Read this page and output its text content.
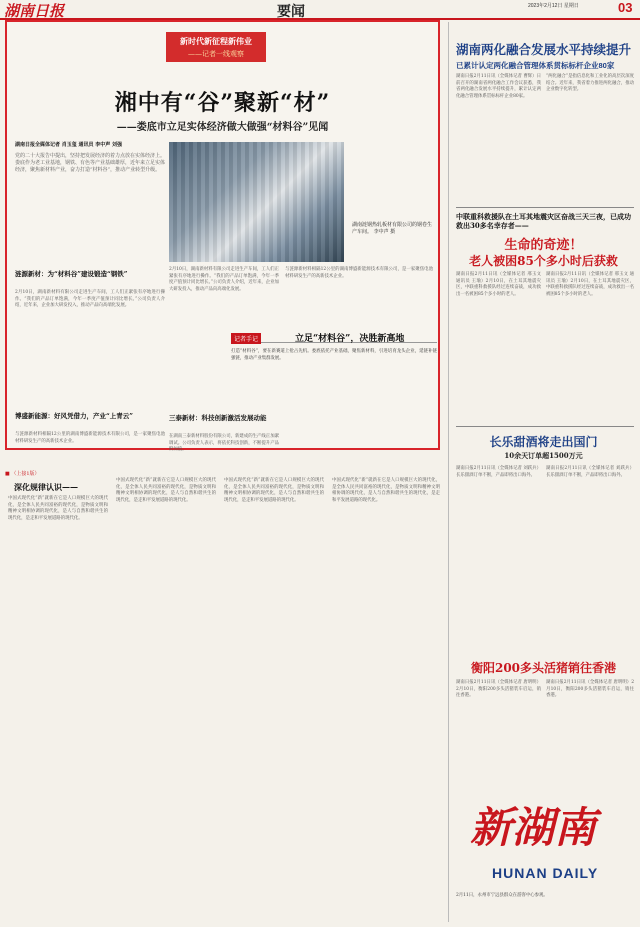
湖南日报	要闻	2023年2月12日 星期日	03
新时代新征程新伟业
——记者一线观察
湘中有“谷”聚新“材”
——娄底市立足实体经济做大做强“材料谷”见闻
湖南日报全媒体记者 肖玉玺 通讯员 李中声 刘强
党的二十大报告中提出，坚持把发展经济的着力点放在实体经济上。娄底作为老工业基地，钢铁、有色等产业基础雄厚，近年来立足实体经济，聚焦新材料产业，奋力打造“材料谷”，推动产业转型升级。
湖南涟钢热轧板材有限公司的钢卷生产车间。 李中声 摄
涟源新材：为“材料谷”建设锻造“钢铁”
2月10日，湖南新材料有限公司走进生产车间，工人们正紧张有序地进行操作。“我们的产品订单饱满，今年一季度产值预计同比增长。”公司负责人介绍，近年来，企业加大研发投入，推动产品向高端化发展。
博盛新能源：好风凭借力，产业“上青云”
与涟源新材料相隔12公里的湖南博盛新能源技术有限公司，是一家聚焦电池材料研发生产的高新技术企业。
2月10日，湖南新材料有限公司走进生产车间，工人们正紧张有序地进行操作。“我们的产品订单饱满，今年一季度产值预计同比增长。”公司负责人介绍，近年来，企业加大研发投入，推动产品向高端化发展。
三泰新材：科技创新激活发展动能
在湖南三泰新材料股份有限公司，新建成的生产线正加紧调试。公司负责人表示，将依托科技创新，不断提升产品附加值。
与涟源新材料相隔12公里的湖南博盛新能源技术有限公司，是一家聚焦电池材料研发生产的高新技术企业。
记者手记	立足“材料谷”，决胜新高地
打造“材料谷”，要在新赛道上抢占先机。娄底依托产业基础，聚焦新材料，引进培育龙头企业，延链补链强链，推动产业集群发展。
湖南两化融合发展水平持续提升
已累计认定两化融合管理体系贯标标杆企业80家
湖南日报2月11日讯（全媒体记者 曹辉）日前召开的湖南省两化融合工作会议获悉，我省两化融合发展水平持续提升，累计认定两化融合管理体系贯标标杆企业80家。
“两化融合”是指信息化和工业化的高层次深度结合。近年来，我省着力推进两化融合，推动企业数字化转型。
中联重科救援队在土耳其地震灾区奋战三天三夜，已成功救出30多名幸存者——
生命的奇迹！
老人被困85个多小时后获救
湖南日报2月11日讯（全媒体记者 邢玉文 通讯员 王瑜）2月10日，在土耳其地震灾区，中联重科救援队经过连续奋战，成功救出一名被困85个多小时的老人。
湖南日报2月11日讯（全媒体记者 邢玉文 通讯员 王瑜）2月10日，在土耳其地震灾区，中联重科救援队经过连续奋战，成功救出一名被困85个多小时的老人。
长乐甜酒将走出国门
10余天订单超1500万元
湖南日报2月11日讯（全媒体记者 刘跃兵）长乐甜酒订单不断，产品即将出口海外。
湖南日报2月11日讯（全媒体记者 刘跃兵）长乐甜酒订单不断，产品即将出口海外。
衡阳200多头活猪销往香港
湖南日报2月11日讯（全媒体记者 唐明明）2月10日，衡阳200多头活猪装车启运，销往香港。
湖南日报2月11日讯（全媒体记者 唐明明）2月10日，衡阳200多头活猪装车启运，销往香港。
新湖南
HUNAN DAILY
2月11日，永州市宁远县群众在游客中心参观。
■ （上接1版）
深化规律认识——
中国式现代化“新”就新在它是人口规模巨大的现代化，是全体人民共同富裕的现代化，是物质文明和精神文明相协调的现代化，是人与自然和谐共生的现代化，是走和平发展道路的现代化。
中国式现代化“新”就新在它是人口规模巨大的现代化，是全体人民共同富裕的现代化，是物质文明和精神文明相协调的现代化，是人与自然和谐共生的现代化，是走和平发展道路的现代化。
中国式现代化“新”就新在它是人口规模巨大的现代化，是全体人民共同富裕的现代化，是物质文明和精神文明相协调的现代化，是人与自然和谐共生的现代化，是走和平发展道路的现代化。
中国式现代化“新”就新在它是人口规模巨大的现代化，是全体人民共同富裕的现代化，是物质文明和精神文明相协调的现代化，是人与自然和谐共生的现代化，是走和平发展道路的现代化。
